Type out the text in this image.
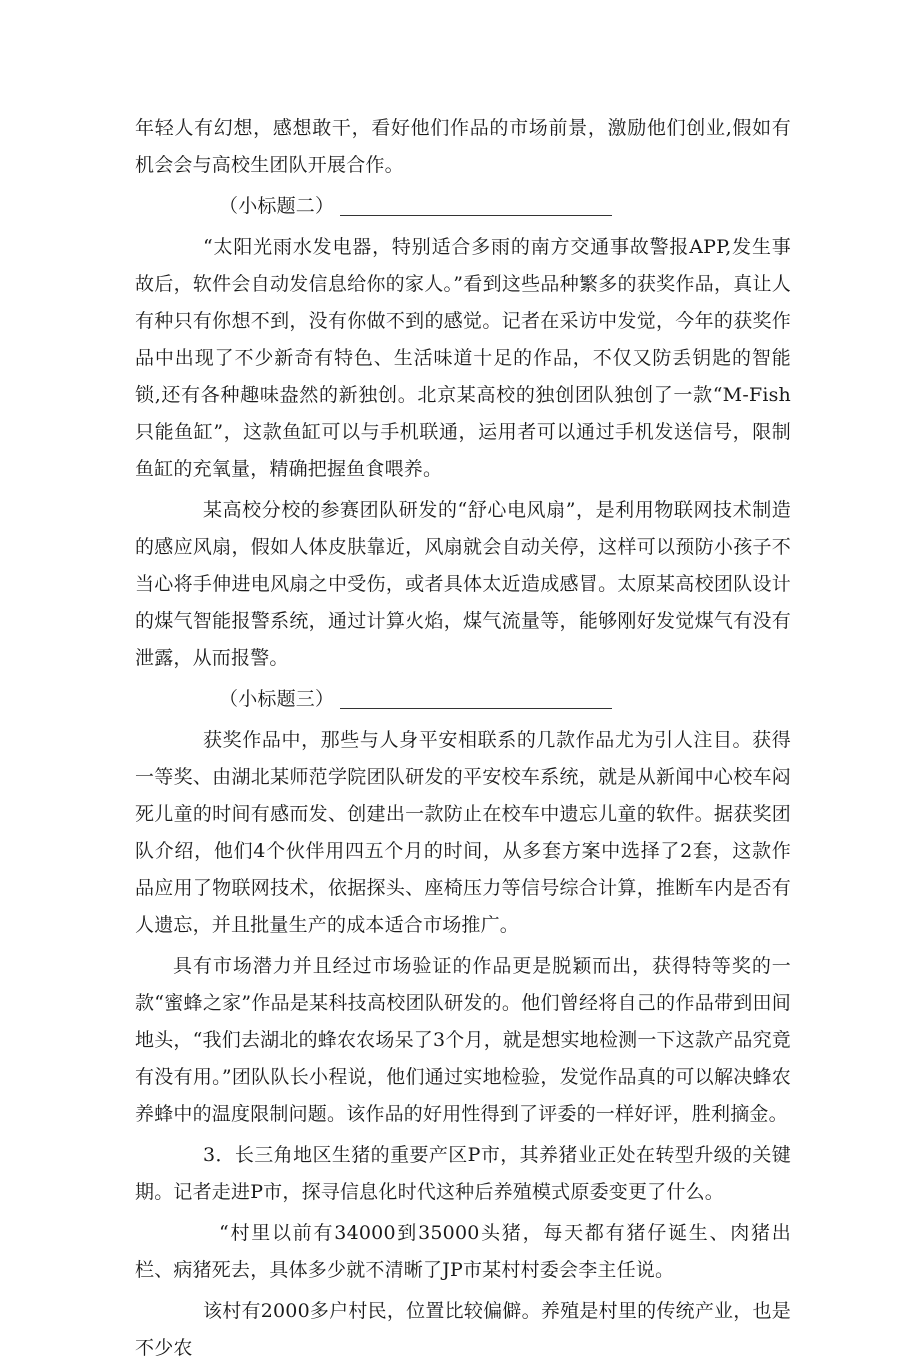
年轻人有幻想，感想敢干，看好他们作品的市场前景，激励他们创业,假如有机会会与高校生团队开展合作。

（小标题二）

“太阳光雨水发电器，特别适合多雨的南方交通事故警报APP,发生事故后，软件会自动发信息给你的家人。”看到这些品种繁多的获奖作品，真让人有种只有你想不到，没有你做不到的感觉。记者在采访中发觉，今年的获奖作品中出现了不少新奇有特色、生活味道十足的作品，不仅又防丢钥匙的智能锁,还有各种趣味盎然的新独创。北京某高校的独创团队独创了一款“M-Fish只能鱼缸”，这款鱼缸可以与手机联通，运用者可以通过手机发送信号，限制鱼缸的充氧量，精确把握鱼食喂养。

某高校分校的参赛团队研发的“舒心电风扇”，是利用物联网技术制造的感应风扇，假如人体皮肤靠近，风扇就会自动关停，这样可以预防小孩子不当心将手伸进电风扇之中受伤，或者具体太近造成感冒。太原某高校团队设计的煤气智能报警系统，通过计算火焰，煤气流量等，能够刚好发觉煤气有没有泄露，从而报警。

（小标题三）

获奖作品中，那些与人身平安相联系的几款作品尤为引人注目。获得一等奖、由湖北某师范学院团队研发的平安校车系统，就是从新闻中心校车闷死儿童的时间有感而发、创建出一款防止在校车中遗忘儿童的软件。据获奖团队介绍，他们4个伙伴用四五个月的时间，从多套方案中选择了2套，这款作品应用了物联网技术，依据探头、座椅压力等信号综合计算，推断车内是否有人遗忘，并且批量生产的成本适合市场推广。

具有市场潜力并且经过市场验证的作品更是脱颖而出，获得特等奖的一款“蜜蜂之家”作品是某科技高校团队研发的。他们曾经将自己的作品带到田间地头，“我们去湖北的蜂农农场呆了3个月，就是想实地检测一下这款产品究竟有没有用。”团队队长小程说，他们通过实地检验，发觉作品真的可以解决蜂农养蜂中的温度限制问题。该作品的好用性得到了评委的一样好评，胜利摘金。

3．长三角地区生猪的重要产区P市，其养猪业正处在转型升级的关键期。记者走进P市，探寻信息化时代这种后养殖模式原委变更了什么。

“村里以前有34000到35000头猪，每天都有猪仔诞生、肉猪出栏、病猪死去，具体多少就不清晰了JP市某村村委会李主任说。

该村有2000多户村民，位置比较偏僻。养殖是村里的传统产业，也是不少农
